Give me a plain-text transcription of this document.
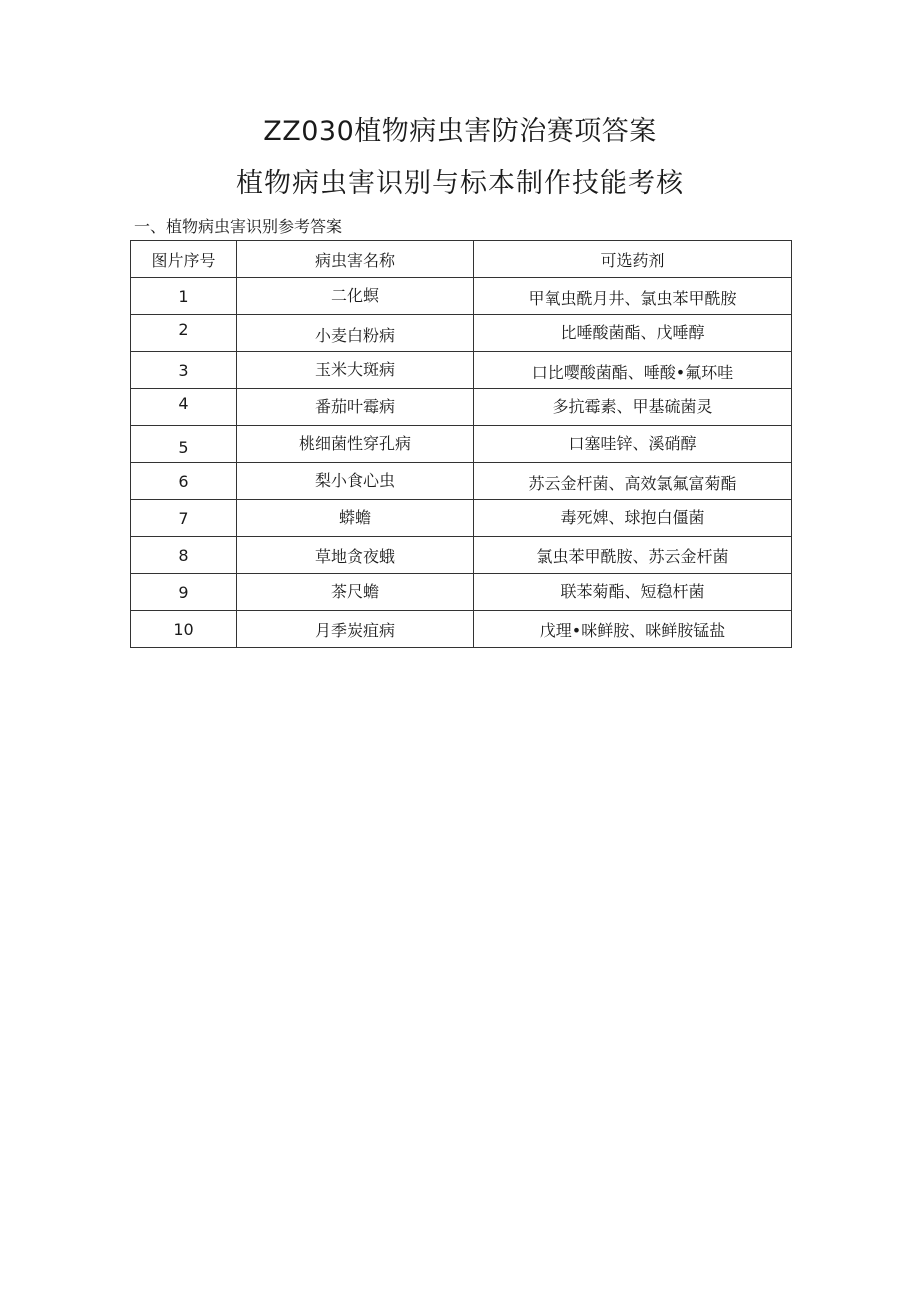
ZZ030植物病虫害防治赛项答案
植物病虫害识别与标本制作技能考核
一、植物病虫害识别参考答案
图片序号	病虫害名称	可选药剂
1	二化螟	甲氧虫酰月井、氯虫苯甲酰胺
2	小麦白粉病	比唾酸菌酯、戊唾醇
3	玉米大斑病	口比嘤酸菌酯、唾酸•氟环哇
4	番茄叶霉病	多抗霉素、甲基硫菌灵
5	桃细菌性穿孔病	口塞哇锌、溪硝醇
6	梨小食心虫	苏云金杆菌、高效氯氟富菊酯
7	蟒蟾	毒死婢、球抱白僵菌
8	草地贪夜蛾	氯虫苯甲酰胺、苏云金杆菌
9	茶尺蟾	联苯菊酯、短稳杆菌
10	月季炭疽病	戊理•咪鲜胺、咪鲜胺锰盐
